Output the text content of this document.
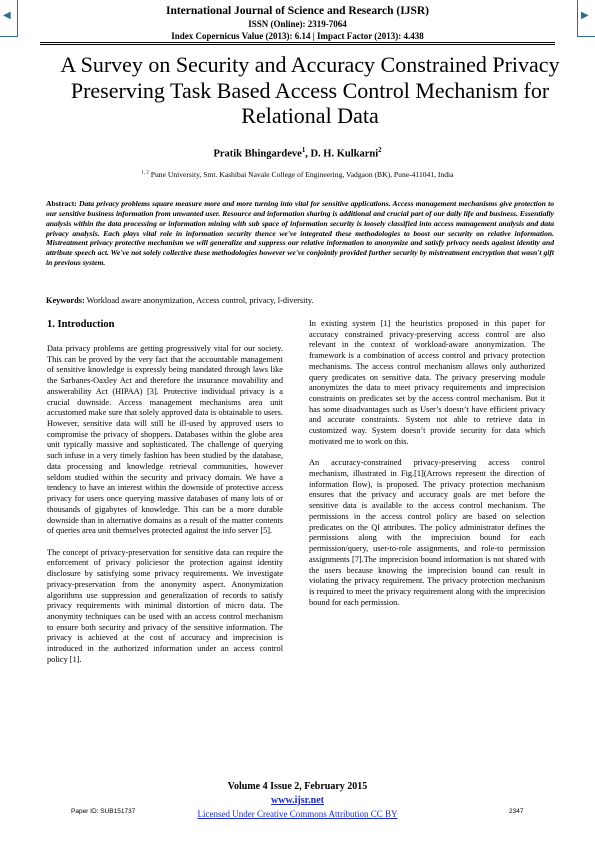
◀	▶
International Journal of Science and Research (IJSR)
ISSN (Online): 2319-7064
Index Copernicus Value (2013): 6.14 | Impact Factor (2013): 4.438
A Survey on Security and Accuracy Constrained Privacy Preserving Task Based Access Control Mechanism for Relational Data
Pratik Bhingardeve$^1$, D. H. Kulkarni$^2$
$^{1, 2}$ Pune University, Smt. Kashibai Navale College of Engineering, Vadgaon (BK), Pune-411041, India
Abstract: Data privacy problems square measure more and more turning into vital for sensitive applications. Access management mechanisms give protection to our sensitive business information from unwanted user. Resource and information sharing is additional and crucial part of our daily life and business. Essentially analysis within the data processing or information mining with sub space of information security is loosely classified into access management analysis and data privacy analysis. Each plays vital role in information security thence we've integrated these methodologies to boost our security on relative information. Mistreatment privacy protective mechanism we will generalize and suppress our relative information to anonymize and satisfy privacy needs against identity and attribute speech act. We've not solely collective these methodologies however we've conjointly provided further security by mistreatment encryption that wasn't gift in previous system.
Keywords: Workload aware anonymization, Access control, privacy, l-diversity.
1. Introduction

Data privacy problems are getting progressively vital for our society. This can be proved by the very fact that the accountable management of sensitive knowledge is expressly being mandated through laws like the Sarbanes-Oaxley Act and therefore the insurance movability and answerability Act (HIPAA) [3]. Protective individual privacy is a crucial downside. Access management mechanisms area unit accustomed make sure that solely approved data is obtainable to users. However, sensitive data will still be ill-used by approved users to compromise the privacy of shoppers. Databases within the globe area unit typically massive and sophisticated. The challenge of querying such infuse in a very timely fashion has been studied by the database, data processing and knowledge retrieval communities, however seldom studied within the security and privacy domain. We have a tendency to have an interest within the downside of protective access privacy for users once querying massive databases of many lots of or thousands of gigabytes of knowledge. This can be a more durable downside than in alternative domains as a result of the matter contents of queries area unit themselves protected against the info server [5].

The concept of privacy-preservation for sensitive data can require the enforcement of privacy policiesor the protection against identity disclosure by satisfying some privacy requirements. We investigate privacy-preservation from the anonymity aspect. Anonymization algorithms use suppression and generalization of records to satisfy privacy requirements with minimal distortion of micro data. The anonymity techniques can be used with an access control mechanism to ensure both security and privacy of the sensitive information. The privacy is achieved at the cost of accuracy and imprecision is introduced in the authorized information under an access control policy [1].

In existing system [1] the heuristics proposed in this paper for accuracy constrained privacy-preserving access control are also relevant in the context of workload-aware anonymization. The framework is a combination of access control and privacy protection mechanisms. The access control mechanism allows only authorized query predicates on sensitive data. The privacy preserving module anonymizes the data to meet privacy requirements and imprecision constraints on predicates set by the access control mechanism. But it has some disadvantages such as User’s doesn’t have efficient privacy and accurate constraints. System not able to retrieve data in customized way. System doesn’t provide security for data which motivated me to work on this.

An accuracy-constrained privacy-preserving access control mechanism, illustrated in Fig.[1](Arrows represent the direction of information flow), is proposed. The privacy protection mechanism ensures that the privacy and accuracy goals are met before the sensitive data is available to the access control mechanism. The permissions in the access control policy are based on selection predicates on the QI attributes. The policy administrator defines the permissions along with the imprecision bound for each permission/query, user-to-role assignments, and role-to permission assignments [7].The imprecision bound information is not shared with the users because knowing the imprecision bound can result in violating the privacy requirement. The privacy protection mechanism is required to meet the privacy requirement along with the imprecision bound for each permission.

Volume 4 Issue 2, February 2015
www.ijsr.net
Paper ID: SUB151737	2347
Licensed Under Creative Commons Attribution CC BY
